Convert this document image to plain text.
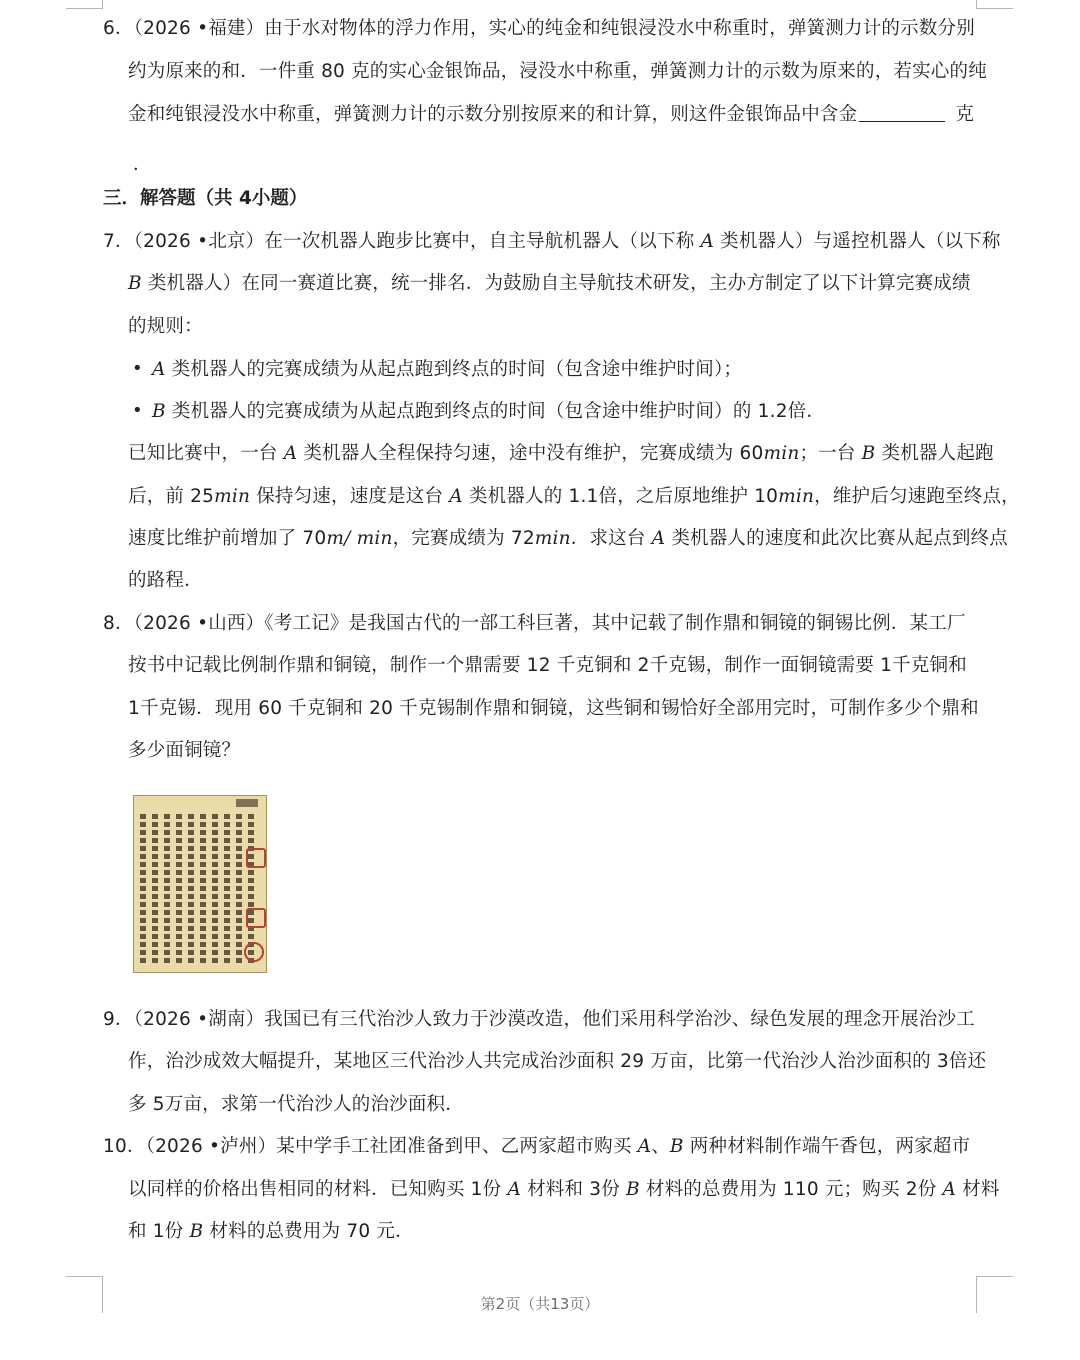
6．（2026 •福建）由于水对物体的浮力作用，实心的纯金和纯银浸没水中称重时，弹簧测力计的示数分别
约为原来的和．一件重 80 克的实心金银饰品，浸没水中称重，弹簧测力计的示数为原来的，若实心的纯
金和纯银浸没水中称重，弹簧测力计的示数分别按原来的和计算，则这件金银饰品中含金	克
．
三．解答题（共 4小题）
7．（2026 •北京）在一次机器人跑步比赛中，自主导航机器人（以下称 A 类机器人）与遥控机器人（以下称
B 类机器人）在同一赛道比赛，统一排名．为鼓励自主导航技术研发，主办方制定了以下计算完赛成绩
的规则：
• A 类机器人的完赛成绩为从起点跑到终点的时间（包含途中维护时间）；
• B 类机器人的完赛成绩为从起点跑到终点的时间（包含途中维护时间）的 1.2倍．
已知比赛中，一台 A 类机器人全程保持匀速，途中没有维护，完赛成绩为 60min；一台 B 类机器人起跑
后，前 25min 保持匀速，速度是这台 A 类机器人的 1.1倍，之后原地维护 10min，维护后匀速跑至终点，
速度比维护前增加了 70m/ min，完赛成绩为 72min．求这台 A 类机器人的速度和此次比赛从起点到终点
的路程．
8．（2026 •山西）《考工记》是我国古代的一部工科巨著，其中记载了制作鼎和铜镜的铜锡比例．某工厂
按书中记载比例制作鼎和铜镜，制作一个鼎需要 12 千克铜和 2千克锡，制作一面铜镜需要 1千克铜和
1千克锡．现用 60 千克铜和 20 千克锡制作鼎和铜镜，这些铜和锡恰好全部用完时，可制作多少个鼎和
多少面铜镜？
9．（2026 •湖南）我国已有三代治沙人致力于沙漠改造，他们采用科学治沙、绿色发展的理念开展治沙工
作，治沙成效大幅提升，某地区三代治沙人共完成治沙面积 29 万亩，比第一代治沙人治沙面积的 3倍还
多 5万亩，求第一代治沙人的治沙面积．
10．（2026 •泸州）某中学手工社团准备到甲、乙两家超市购买 A、B 两种材料制作端午香包，两家超市
以同样的价格出售相同的材料．已知购买 1份 A 材料和 3份 B 材料的总费用为 110 元；购买 2份 A 材料
和 1份 B 材料的总费用为 70 元．
第2页（共13页）
